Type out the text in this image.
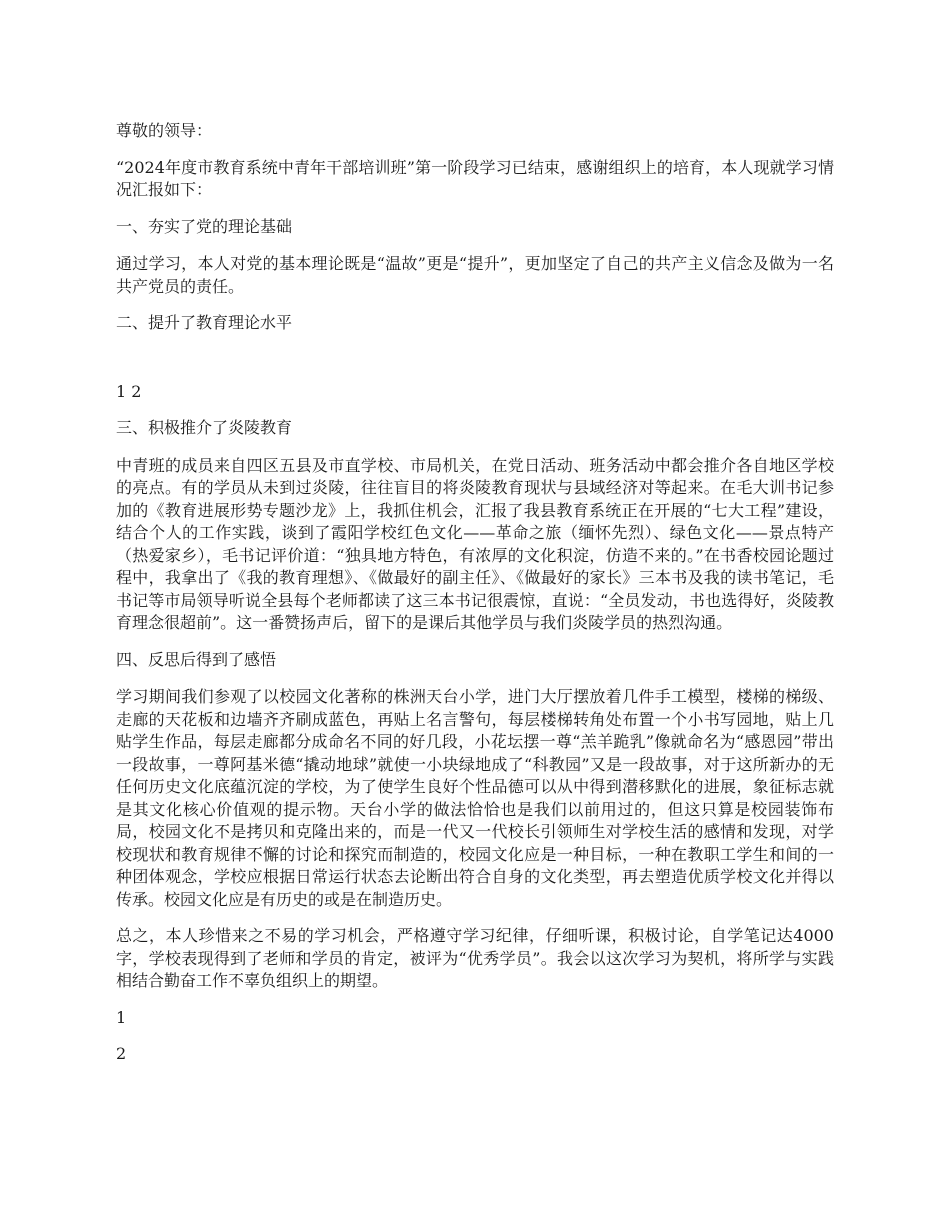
尊敬的领导：

“2024年度市教育系统中青年干部培训班”第一阶段学习已结束，感谢组织上的培育，本人现就学习情况汇报如下：

一、夯实了党的理论基础

通过学习，本人对党的基本理论既是“温故”更是“提升”，更加坚定了自己的共产主义信念及做为一名共产党员的责任。

二、提升了教育理论水平

1 2

三、积极推介了炎陵教育

中青班的成员来自四区五县及市直学校、市局机关，在党日活动、班务活动中都会推介各自地区学校的亮点。有的学员从未到过炎陵，往往盲目的将炎陵教育现状与县域经济对等起来。在毛大训书记参加的《教育进展形势专题沙龙》上，我抓住机会，汇报了我县教育系统正在开展的“七大工程”建设，结合个人的工作实践，谈到了霞阳学校红色文化——革命之旅（缅怀先烈）、绿色文化——景点特产（热爱家乡），毛书记评价道：“独具地方特色，有浓厚的文化积淀，仿造不来的。”在书香校园论题过程中，我拿出了《我的教育理想》、《做最好的副主任》、《做最好的家长》三本书及我的读书笔记，毛书记等市局领导听说全县每个老师都读了这三本书记很震惊，直说：“全员发动，书也选得好，炎陵教育理念很超前”。这一番赞扬声后，留下的是课后其他学员与我们炎陵学员的热烈沟通。

四、反思后得到了感悟

学习期间我们参观了以校园文化著称的株洲天台小学，进门大厅摆放着几件手工模型，楼梯的梯级、走廊的天花板和边墙齐齐刷成蓝色，再贴上名言警句，每层楼梯转角处布置一个小书写园地，贴上几贴学生作品，每层走廊都分成命名不同的好几段，小花坛摆一尊“羔羊跪乳”像就命名为“感恩园”带出一段故事，一尊阿基米德“撬动地球”就使一小块绿地成了“科教园”又是一段故事，对于这所新办的无任何历史文化底蕴沉淀的学校，为了使学生良好个性品德可以从中得到潜移默化的进展，象征标志就是其文化核心价值观的提示物。天台小学的做法恰恰也是我们以前用过的，但这只算是校园装饰布局，校园文化不是拷贝和克隆出来的，而是一代又一代校长引领师生对学校生活的感情和发现，对学校现状和教育规律不懈的讨论和探究而制造的，校园文化应是一种目标，一种在教职工学生和间的一种团体观念，学校应根据日常运行状态去论断出符合自身的文化类型，再去塑造优质学校文化并得以传承。校园文化应是有历史的或是在制造历史。

总之，本人珍惜来之不易的学习机会，严格遵守学习纪律，仔细听课，积极讨论，自学笔记达4000字，学校表现得到了老师和学员的肯定，被评为“优秀学员”。我会以这次学习为契机，将所学与实践相结合勤奋工作不辜负组织上的期望。

1

2
